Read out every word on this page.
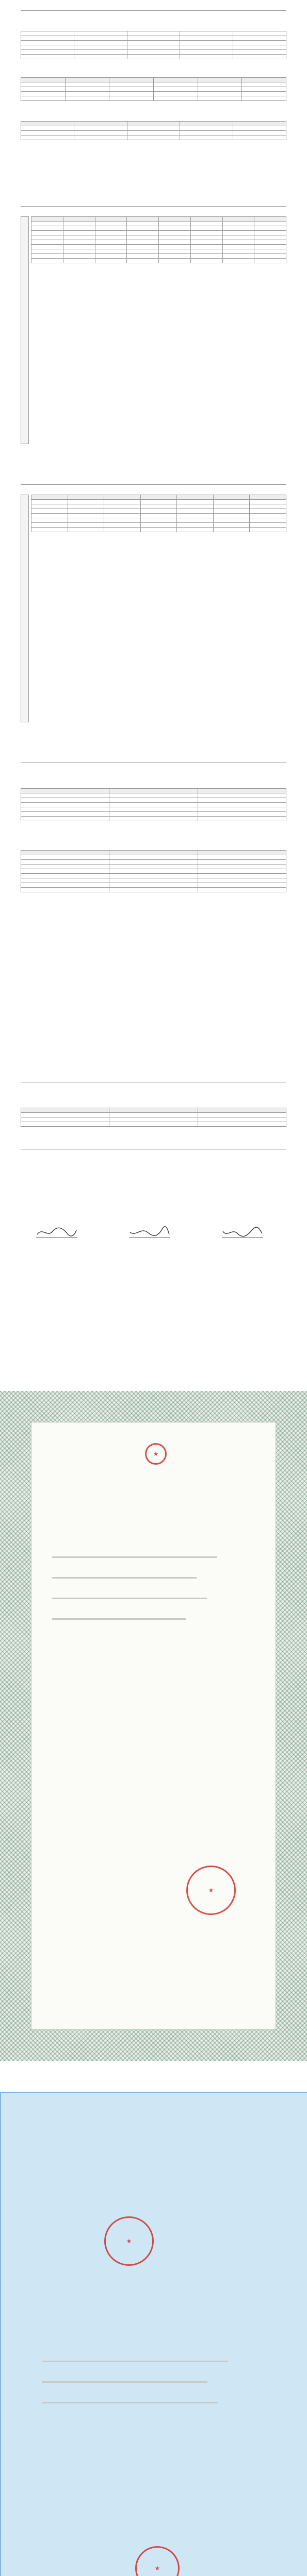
★
★
★
★
